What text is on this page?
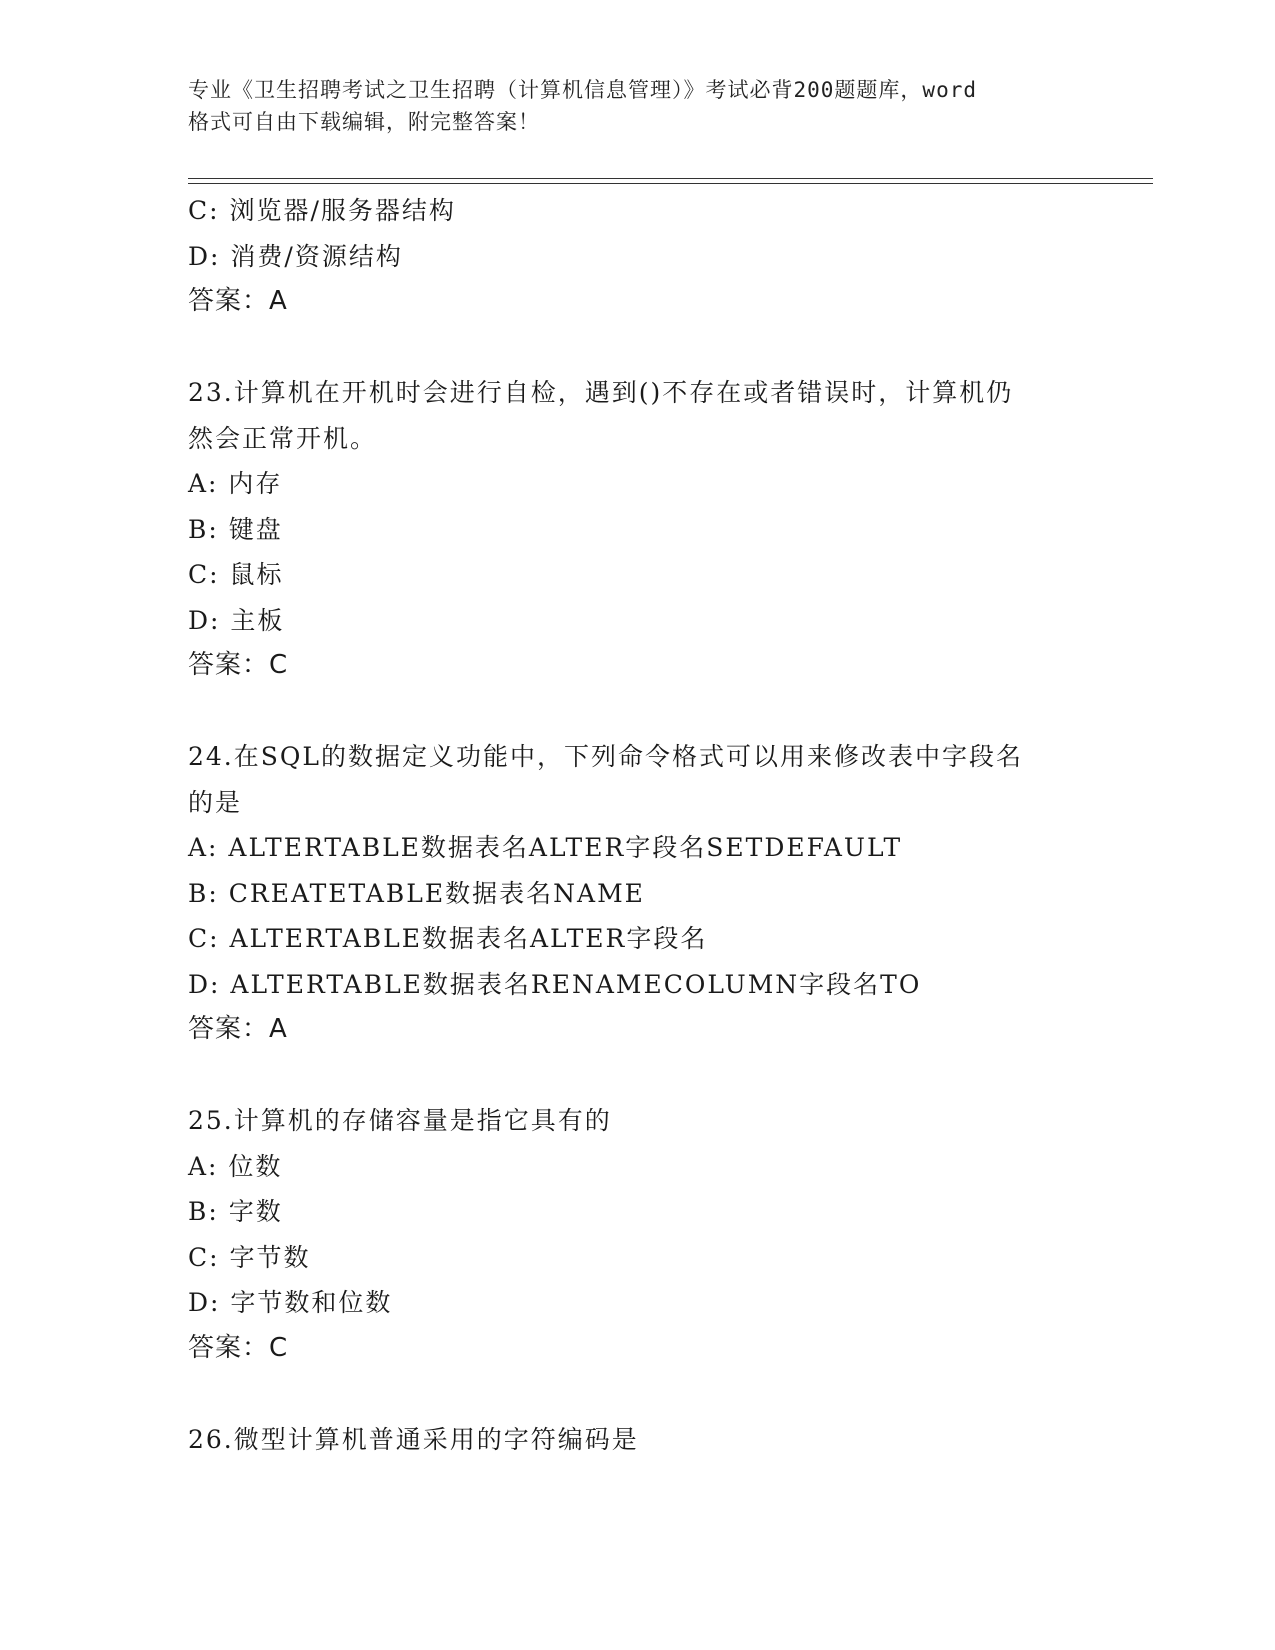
专业《卫生招聘考试之卫生招聘（计算机信息管理）》考试必背200题题库，word
格式可自由下载编辑，附完整答案！
C: 浏览器/服务器结构
D: 消费/资源结构
答案：A
23.计算机在开机时会进行自检，遇到()不存在或者错误时，计算机仍
然会正常开机。
A: 内存
B: 键盘
C: 鼠标
D: 主板
答案：C
24.在SQL的数据定义功能中，下列命令格式可以用来修改表中字段名
的是
A: ALTERTABLE数据表名ALTER字段名SETDEFAULT
B: CREATETABLE数据表名NAME
C: ALTERTABLE数据表名ALTER字段名
D: ALTERTABLE数据表名RENAMECOLUMN字段名TO
答案：A
25.计算机的存储容量是指它具有的
A: 位数
B: 字数
C: 字节数
D: 字节数和位数
答案：C
26.微型计算机普通采用的字符编码是
